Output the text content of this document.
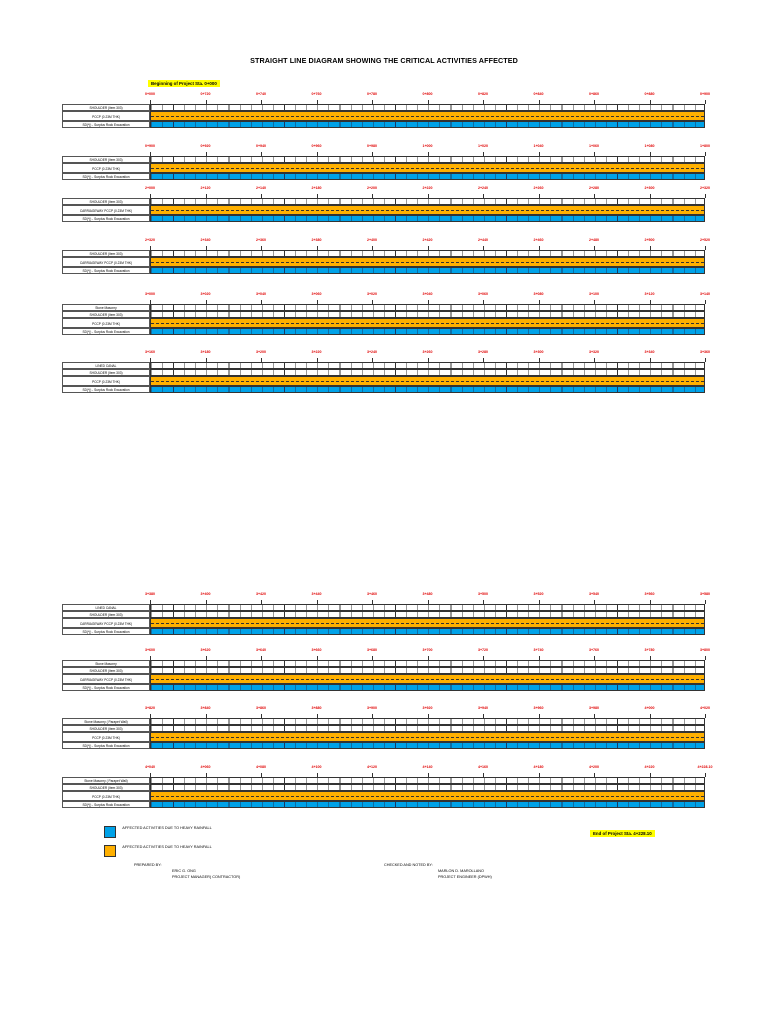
STRAIGHT LINE DIAGRAM SHOWING THE CRITICAL ACTIVITIES AFFECTED
Beginning of Project Sta. 0+000
0+000	0+720	0+740	0+760	0+780	0+800	0+820	0+840	0+860	0+880	0+900
SHOULDER (Item 303)
PCCP (0.23M THK)
SD(*)) - Surplus Rock Excavation
0+900	0+920	0+940	0+960	0+980	1+000	1+020	1+040	1+060	1+080	1+800
SHOULDER (Item 303)
PCCP (0.23M THK)
SD(*)) - Surplus Rock Excavation
2+000	2+120	2+140	2+180	2+200	2+220	2+240	2+260	2+280	2+300	2+320
SHOULDER (Item 303)
CARRIAGEWAY PCCP (0.23M THK)
SD(*)) - Surplus Rock Excavation
2+320	2+340	2+360	2+380	2+400	2+420	2+440	2+460	2+480	2+500	2+520
SHOULDER (Item 303)
CARRIAGEWAY PCCP (0.23M THK)
SD(*)) - Surplus Rock Excavation
3+000	3+020	3+040	3+060	3+020	3+040	3+060	3+080	3+100	3+120	3+140
Stone Masonry
SHOULDER (Item 303)
PCCP (0.23M THK)
SD(*)) - Surplus Rock Excavation
3+160	3+180	3+200	3+220	3+240	3+260	3+280	3+300	3+320	3+340	3+360
LINED CANAL
SHOULDER (Item 303)
PCCP (0.23M THK)
SD(*)) - Surplus Rock Excavation
3+380	3+400	3+420	3+440	3+460	3+480	3+500	3+520	3+540	3+560	3+580
LINED CANAL
SHOULDER (Item 303)
CARRIAGEWAY PCCP (0.23M THK)
SD(*)) - Surplus Rock Excavation
3+600	3+620	3+640	3+660	3+680	3+700	3+720	3+740	3+760	3+780	3+800
Stone Masonry
SHOULDER (Item 303)
CARRIAGEWAY PCCP (0.23M THK)
SD(*)) - Surplus Rock Excavation
3+820	3+840	3+860	3+880	3+900	3+920	3+940	3+960	3+980	4+000	4+020
Stone Masonry ( Parapet Wall)
SHOULDER (Item 303)
PCCP (0.23M THK)
SD(*)) - Surplus Rock Excavation
4+040	4+060	4+080	4+100	4+120	4+140	4+160	4+180	4+200	4+220	4+228.10
Stone Masonry ( Parapet Wall)
SHOULDER (Item 303)
PCCP (0.23M THK)
SD(*)) - Surplus Rock Excavation
AFFECTED ACTIVITIES DUE TO HEAVY RAINFALL
AFFECTED ACTIVITIES DUE TO HEAVY RAINFALL
End of Project Sta. 4+228.10
PREPARED BY:
ERIC G. ONG
PROJECT MANAGER( CONTRACTOR)
CHECKED AND NOTED BY:
MARLON D. MAROLLANO
PROJECT ENGINEER (DPWH)
